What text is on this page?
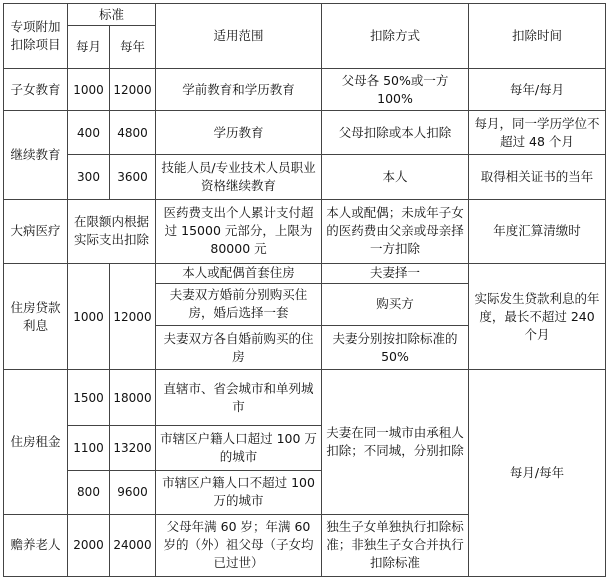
专项附加扣除项目	标准		适用范围	扣除方式	扣除时间
	每月	每年			
子女教育	1000	12000	学前教育和学历教育	父母各 50%或一方 100%	每年/每月
继续教育	400	4800	学历教育	父母扣除或本人扣除	每月，同一学历学位不超过 48 个月
	300	3600	技能人员/专业技术人员职业资格继续教育	本人	取得相关证书的当年
大病医疗	在限额内根据实际支出扣除		医药费支出个人累计支付超过 15000 元部分，上限为 80000 元	本人或配偶；未成年子女的医药费由父亲或母亲择一方扣除	年度汇算清缴时
住房贷款利息	1000	12000	本人或配偶首套住房	夫妻择一	实际发生贷款利息的年度，最长不超过 240 个月
			夫妻双方婚前分别购买住房，婚后选择一套	购买方	
			夫妻双方各自婚前购买的住房	夫妻分别按扣除标准的 50%	
住房租金	1500	18000	直辖市、省会城市和单列城市	夫妻在同一城市由承租人扣除；不同城，分别扣除	每月/每年
	1100	13200	市辖区户籍人口超过 100 万的城市		
	800	9600	市辖区户籍人口不超过 100 万的城市		
赡养老人	2000	24000	父母年满 60 岁；年满 60 岁的（外）祖父母（子女均已过世）	独生子女单独执行扣除标准；非独生子女合并执行扣除标准	
